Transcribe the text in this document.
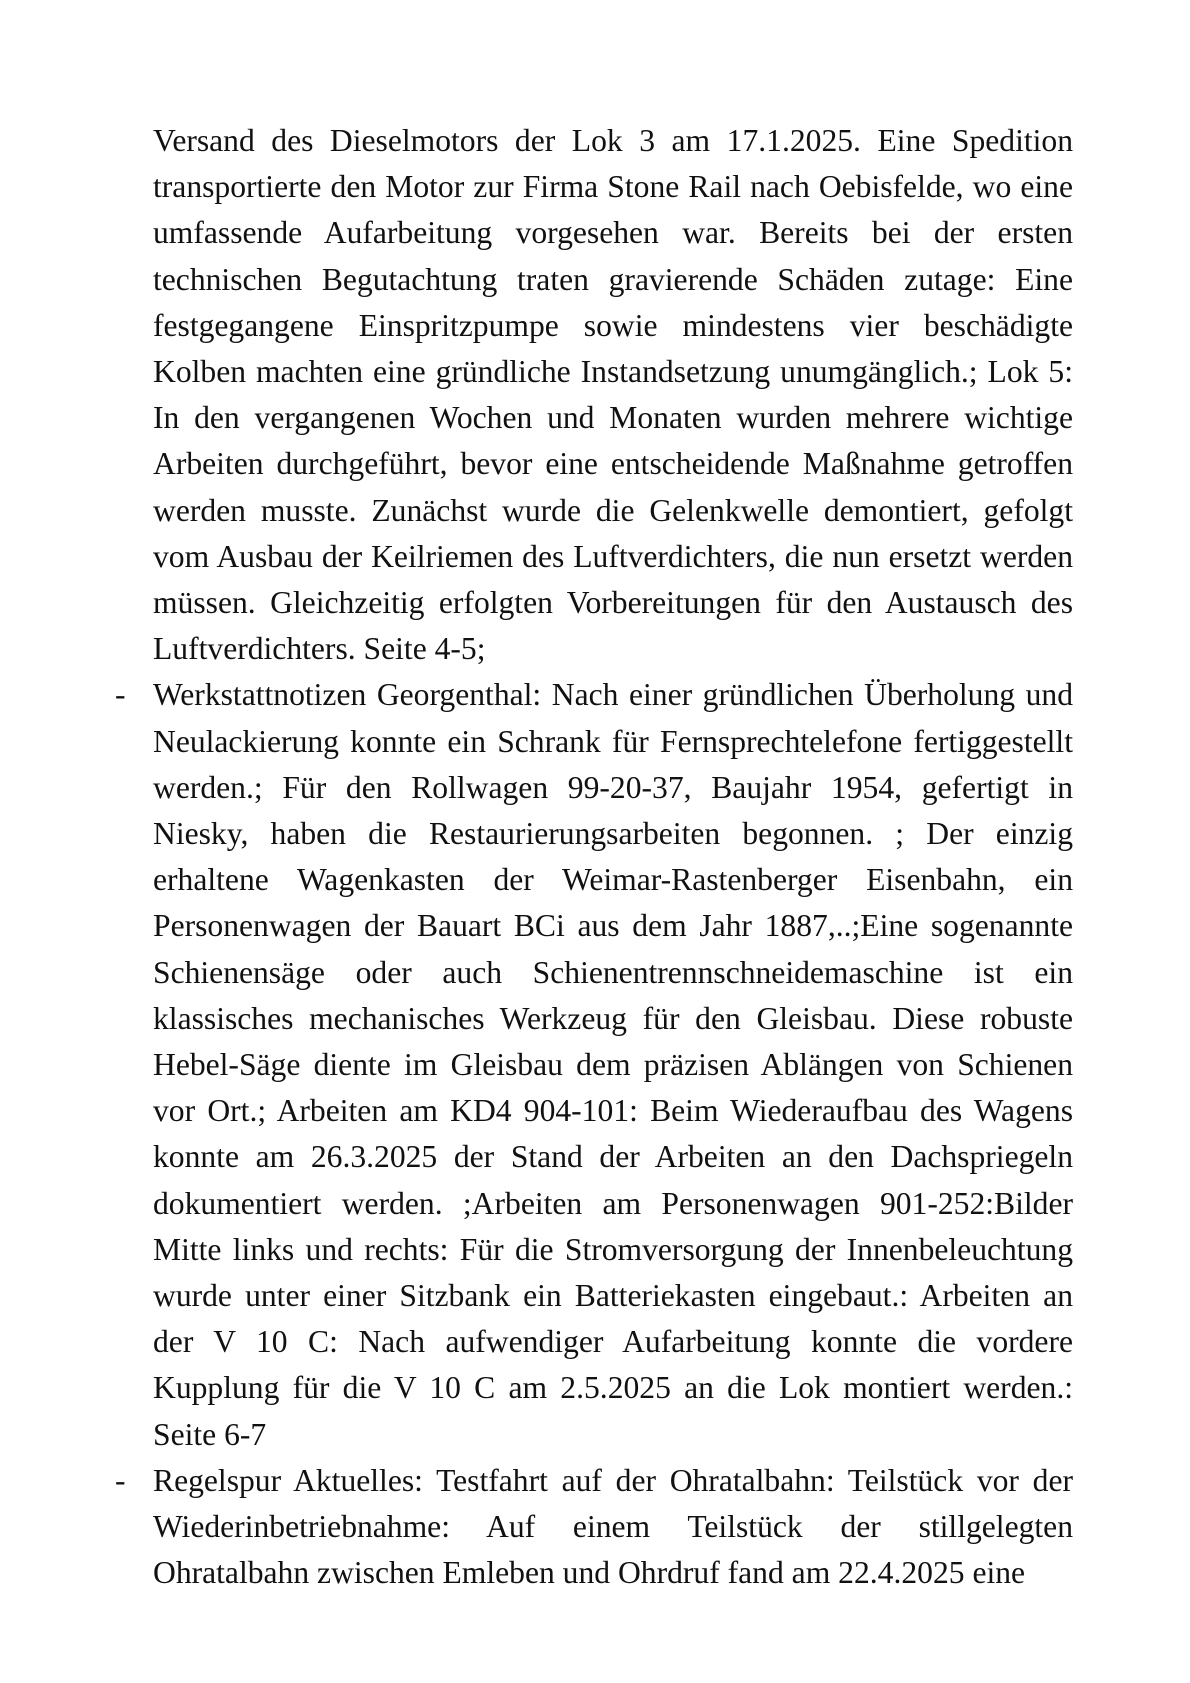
Versand des Dieselmotors der Lok 3 am 17.1.2025. Eine Spedition transportierte den Motor zur Firma Stone Rail nach Oebisfelde, wo eine umfassende Aufarbeitung vorgesehen war. Bereits bei der ersten technischen Begutachtung traten gravierende Schäden zutage: Eine festgegangene Einspritzpumpe sowie mindestens vier beschädigte Kolben machten eine gründliche Instandsetzung unumgänglich.; Lok 5: In den vergangenen Wochen und Monaten wurden mehrere wichtige Arbeiten durchgeführt, bevor eine entscheidende Maßnahme getroffen werden musste. Zunächst wurde die Gelenkwelle demontiert, gefolgt vom Ausbau der Keilriemen des Luftverdichters, die nun ersetzt werden müssen. Gleichzeitig erfolgten Vorbereitungen für den Austausch des Luftverdichters. Seite 4-5;

- Werkstattnotizen Georgenthal: Nach einer gründlichen Überholung und Neulackierung konnte ein Schrank für Fernsprechtelefone fertiggestellt werden.; Für den Rollwagen 99-20-37, Baujahr 1954, gefertigt in Niesky, haben die Restaurierungsarbeiten begonnen. ; Der einzig erhaltene Wagenkasten der Weimar-Rastenberger Eisenbahn, ein Personenwagen der Bauart BCi aus dem Jahr 1887,..;Eine sogenannte Schienensäge oder auch Schienentrennschneidemaschine ist ein klassisches mechanisches Werkzeug für den Gleisbau. Diese robuste Hebel-Säge diente im Gleisbau dem präzisen Ablängen von Schienen vor Ort.; Arbeiten am KD4 904-101: Beim Wiederaufbau des Wagens konnte am 26.3.2025 der Stand der Arbeiten an den Dachspriegeln dokumentiert werden. ;Arbeiten am Personenwagen 901-252:Bilder Mitte links und rechts: Für die Stromversorgung der Innenbeleuchtung wurde unter einer Sitzbank ein Batteriekasten eingebaut.: Arbeiten an der V 10 C: Nach aufwendiger Aufarbeitung konnte die vordere Kupplung für die V 10 C am 2.5.2025 an die Lok montiert werden.: Seite 6-7

- Regelspur Aktuelles: Testfahrt auf der Ohratalbahn: Teilstück vor der Wiederinbetriebnahme: Auf einem Teilstück der stillgelegten Ohratalbahn zwischen Emleben und Ohrdruf fand am 22.4.2025 eine
